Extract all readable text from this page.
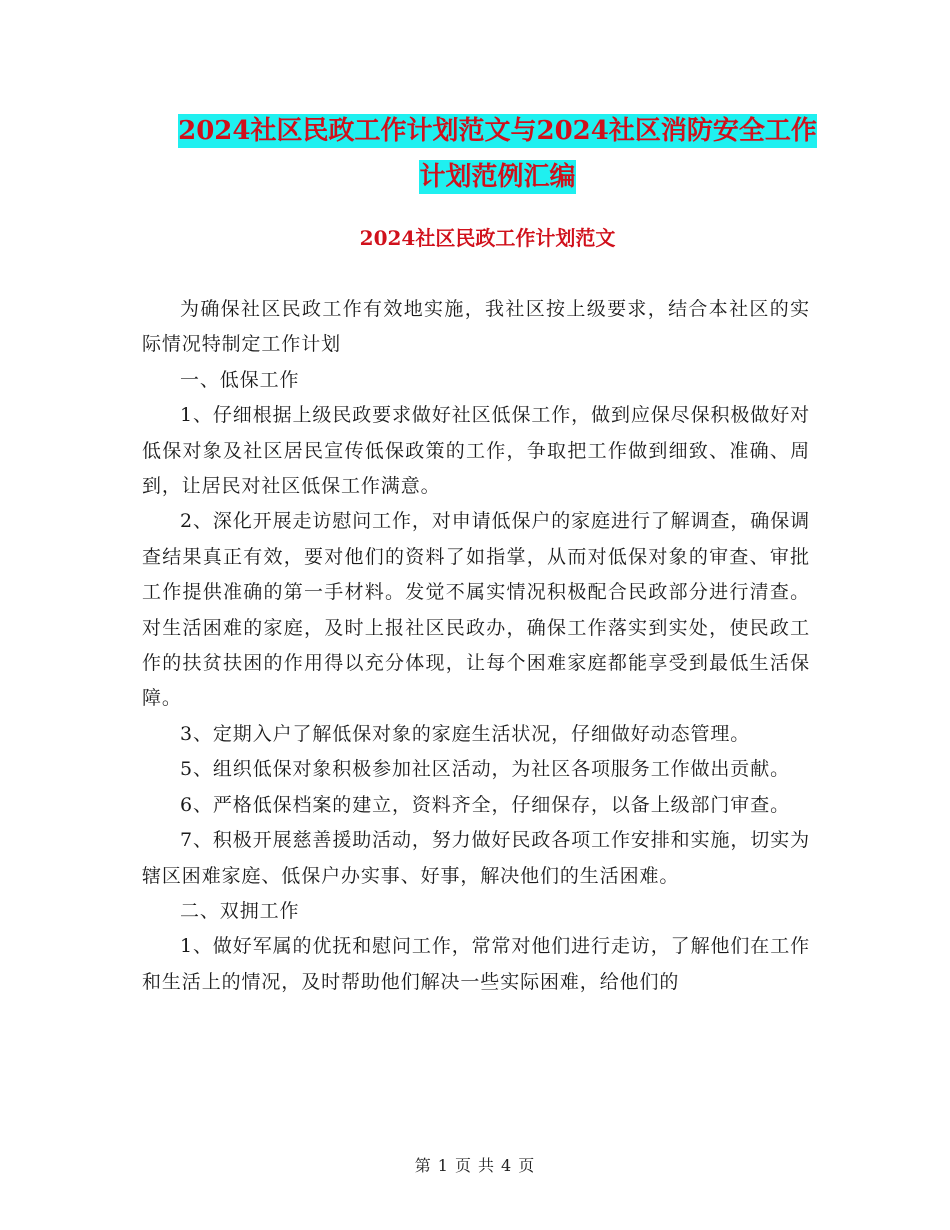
2024社区民政工作计划范文与2024社区消防安全工作
计划范例汇编
2024社区民政工作计划范文

为确保社区民政工作有效地实施，我社区按上级要求，结合本社区的实际情况特制定工作计划

一、低保工作

1、仔细根据上级民政要求做好社区低保工作，做到应保尽保积极做好对低保对象及社区居民宣传低保政策的工作，争取把工作做到细致、准确、周到，让居民对社区低保工作满意。

2、深化开展走访慰问工作，对申请低保户的家庭进行了解调查，确保调查结果真正有效，要对他们的资料了如指掌，从而对低保对象的审查、审批工作提供准确的第一手材料。发觉不属实情况积极配合民政部分进行清查。对生活困难的家庭，及时上报社区民政办，确保工作落实到实处，使民政工作的扶贫扶困的作用得以充分体现，让每个困难家庭都能享受到最低生活保障。

3、定期入户了解低保对象的家庭生活状况，仔细做好动态管理。

5、组织低保对象积极参加社区活动，为社区各项服务工作做出贡献。

6、严格低保档案的建立，资料齐全，仔细保存，以备上级部门审查。

7、积极开展慈善援助活动，努力做好民政各项工作安排和实施，切实为辖区困难家庭、低保户办实事、好事，解决他们的生活困难。

二、双拥工作

1、做好军属的优抚和慰问工作，常常对他们进行走访，了解他们在工作和生活上的情况，及时帮助他们解决一些实际困难，给他们的

第 1 页 共 4 页
